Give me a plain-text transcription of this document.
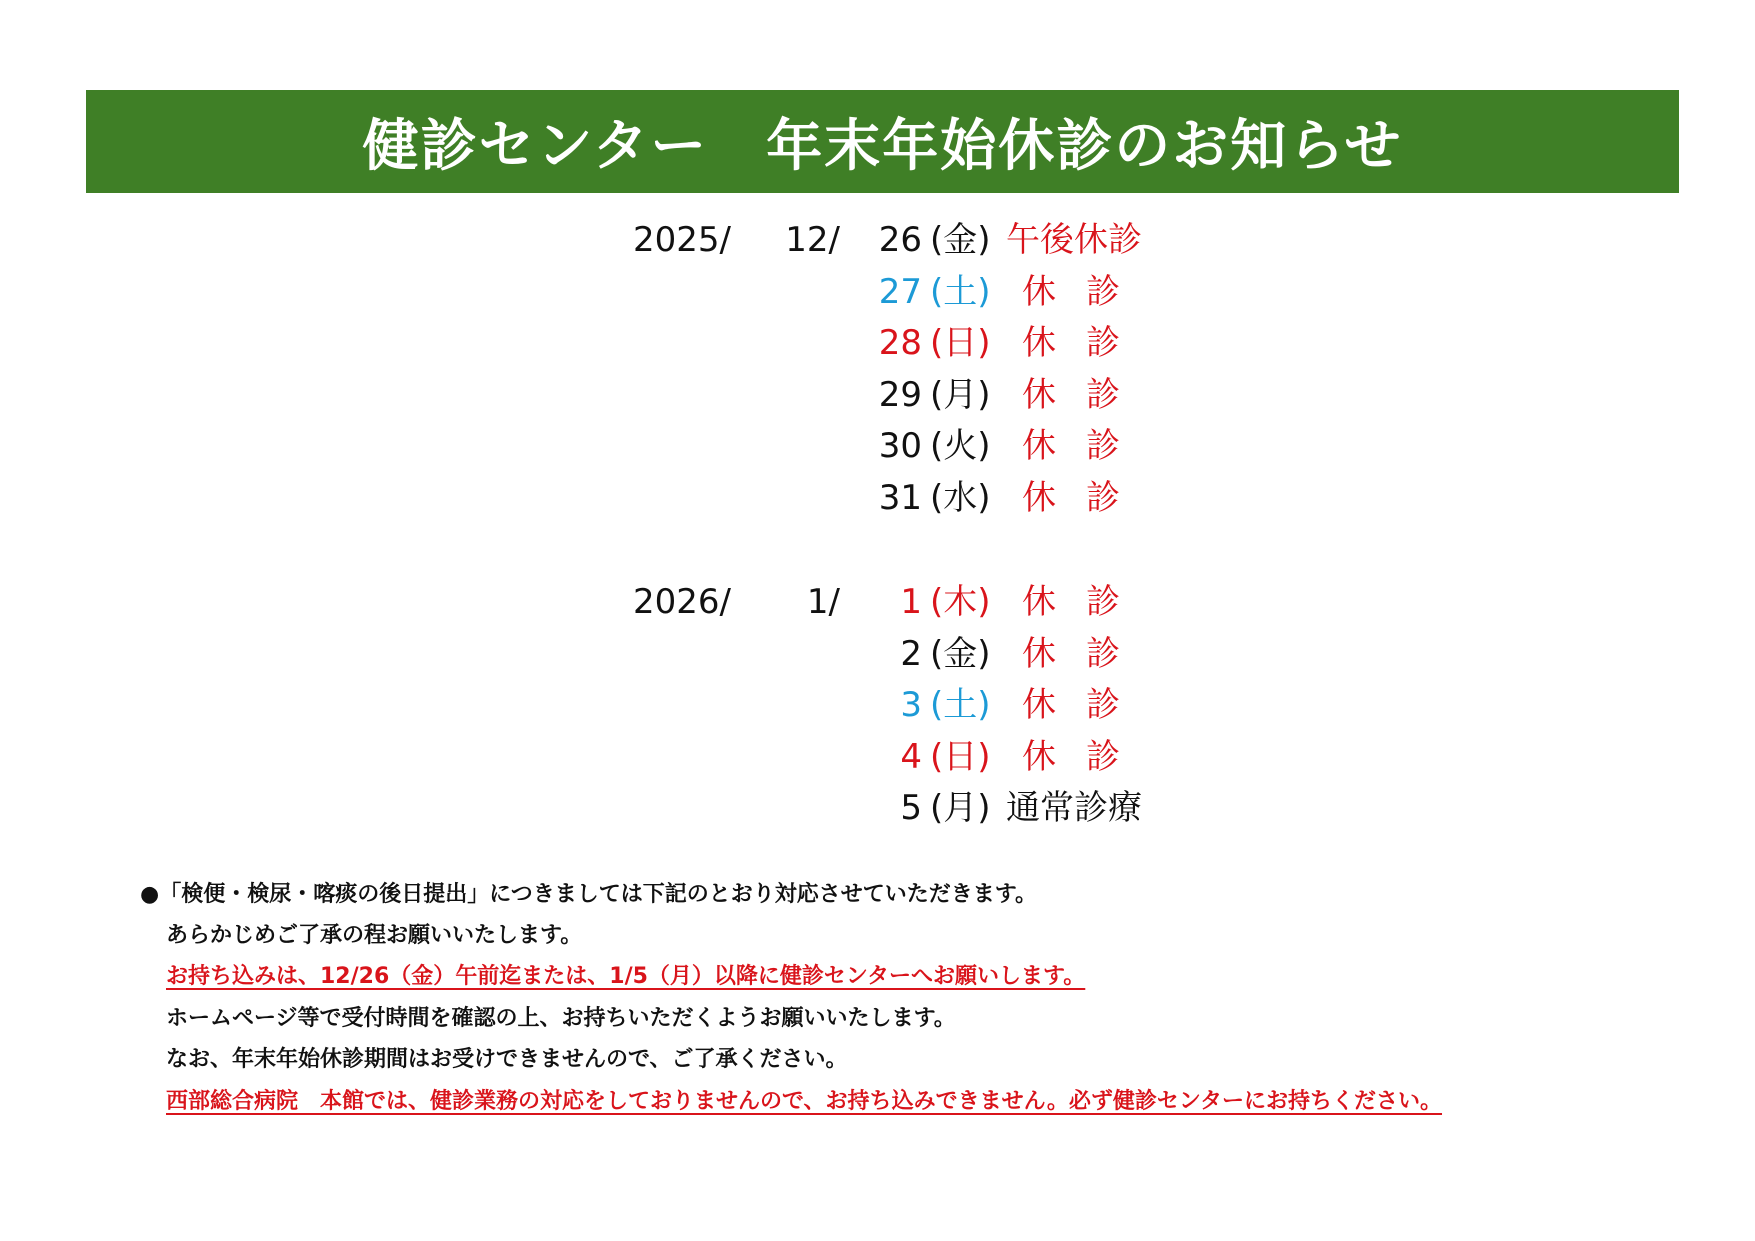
健診センター　年末年始休診のお知らせ
2025/	12/	26 (金) 午後休診
27 (土) 休診
28 (日) 休診
29 (月) 休診
30 (火) 休診
31 (水) 休診
2026/	1/	1 (木) 休診
2 (金) 休診
3 (土) 休診
4 (日) 休診
5 (月) 通常診療
●「検便・検尿・喀痰の後日提出」につきましては下記のとおり対応させていただきます。
あらかじめご了承の程お願いいたします。
お持ち込みは、12/26（金）午前迄または、1/5（月）以降に健診センターへお願いします。
ホームページ等で受付時間を確認の上、お持ちいただくようお願いいたします。
なお、年末年始休診期間はお受けできませんので、ご了承ください。
西部総合病院　本館では、健診業務の対応をしておりませんので、お持ち込みできません。必ず健診センターにお持ちください。
